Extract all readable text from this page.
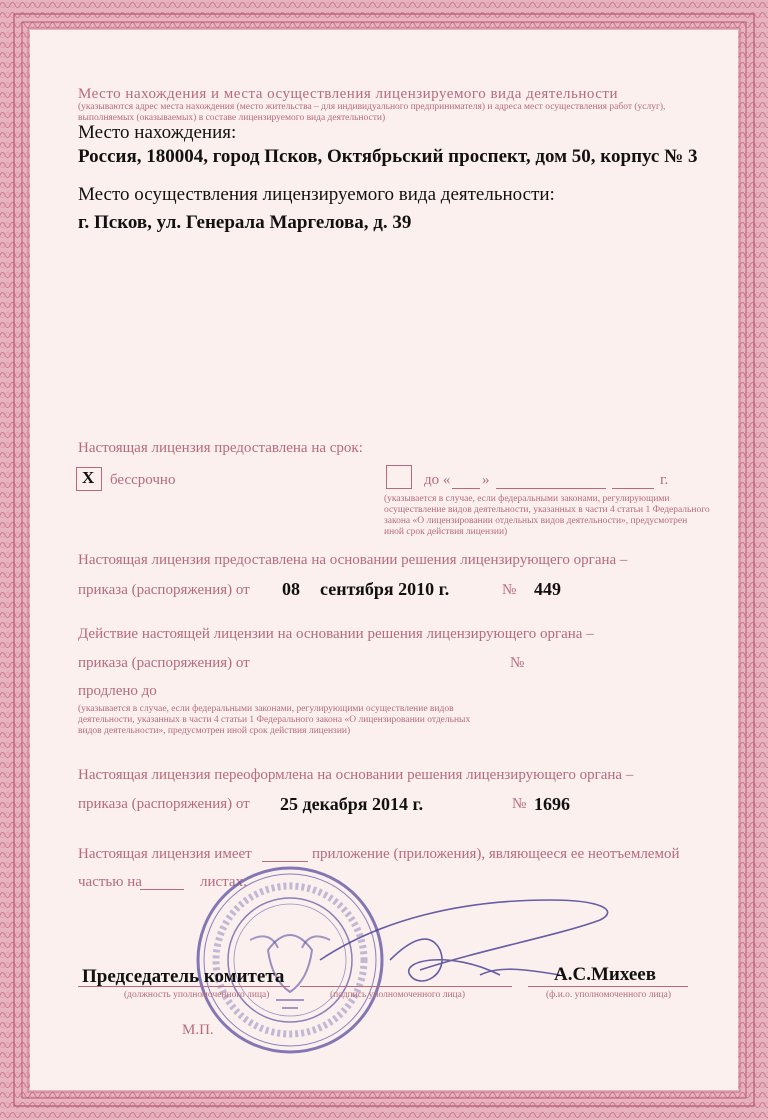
Место нахождения и места осуществления лицензируемого вида деятельности
(указываются адрес места нахождения (место жительства – для индивидуального предпринимателя) и адреса мест осуществления работ (услуг),
выполняемых (оказываемых) в составе лицензируемого вида деятельности)
Место нахождения:
Россия, 180004, город Псков, Октябрьский проспект, дом 50, корпус № 3
Место осуществления лицензируемого вида деятельности:
г. Псков, ул. Генерала Маргелова, д. 39
Настоящая лицензия предоставлена на срок:
X бессрочно	до « »	г.
(указывается в случае, если федеральными законами, регулирующими
осуществление видов деятельности, указанных в части 4 статьи 1 Федерального
закона «О лицензировании отдельных видов деятельности», предусмотрен
иной срок действия лицензии)
Настоящая лицензия предоставлена на основании решения лицензирующего органа –
приказа (распоряжения) от 08 сентября 2010 г.	№ 449
Действие настоящей лицензии на основании решения лицензирующего органа –
приказа (распоряжения) от	№
продлено до
(указывается в случае, если федеральными законами, регулирующими осуществление видов
деятельности, указанных в части 4 статьи 1 Федерального закона «О лицензировании отдельных
видов деятельности», предусмотрен иной срок действия лицензии)
Настоящая лицензия переоформлена на основании решения лицензирующего органа –
приказа (распоряжения) от 25 декабря 2014 г.	№ 1696
Настоящая лицензия имеет	приложение (приложения), являющееся ее неотъемлемой
частью на	листах.
Председатель комитета
(должность уполномоченного лица)	(подпись уполномоченного лица)
А.С.Михеев
(ф.и.о. уполномоченного лица)
М.П.
